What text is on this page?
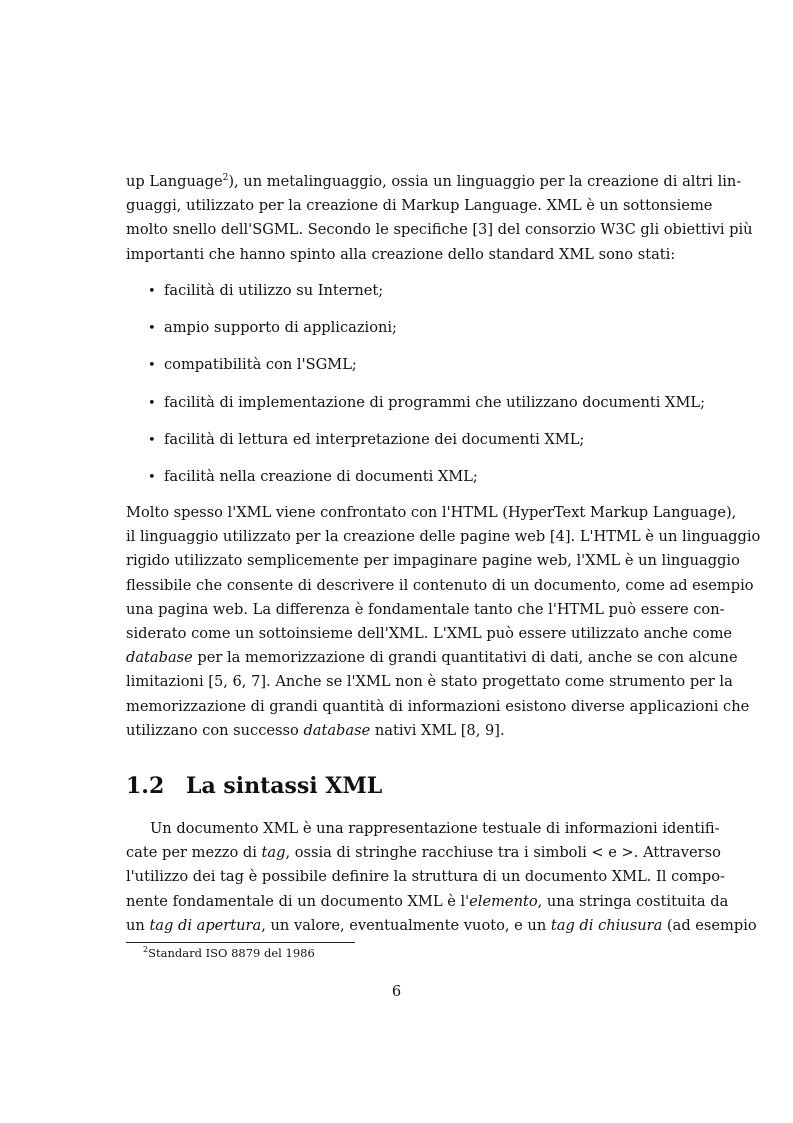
up Language$^2$), un metalinguaggio, ossia un linguaggio per la creazione di altri lin-
guaggi, utilizzato per la creazione di Markup Language. XML è un sottonsieme
molto snello dell'SGML. Secondo le specifiche [3] del consorzio W3C gli obiettivi più
importanti che hanno spinto alla creazione dello standard XML sono stati:
• facilità di utilizzo su Internet;
• ampio supporto di applicazioni;
• compatibilità con l'SGML;
• facilità di implementazione di programmi che utilizzano documenti XML;
• facilità di lettura ed interpretazione dei documenti XML;
• facilità nella creazione di documenti XML;
Molto spesso l'XML viene confrontato con l'HTML (HyperText Markup Language),
il linguaggio utilizzato per la creazione delle pagine web [4]. L'HTML è un linguaggio
rigido utilizzato semplicemente per impaginare pagine web, l'XML è un linguaggio
flessibile che consente di descrivere il contenuto di un documento, come ad esempio
una pagina web. La differenza è fondamentale tanto che l'HTML può essere con-
siderato come un sottoinsieme dell'XML. L'XML può essere utilizzato anche come
database per la memorizzazione di grandi quantitativi di dati, anche se con alcune
limitazioni [5, 6, 7]. Anche se l'XML non è stato progettato come strumento per la
memorizzazione di grandi quantità di informazioni esistono diverse applicazioni che
utilizzano con successo database nativi XML [8, 9].
1.2 La sintassi XML
Un documento XML è una rappresentazione testuale di informazioni identifi-
cate per mezzo di tag, ossia di stringhe racchiuse tra i simboli < e >. Attraverso
l'utilizzo dei tag è possibile definire la struttura di un documento XML. Il compo-
nente fondamentale di un documento XML è l'elemento, una stringa costituita da
un tag di apertura, un valore, eventualmente vuoto, e un tag di chiusura (ad esempio
$^2$Standard ISO 8879 del 1986
6
